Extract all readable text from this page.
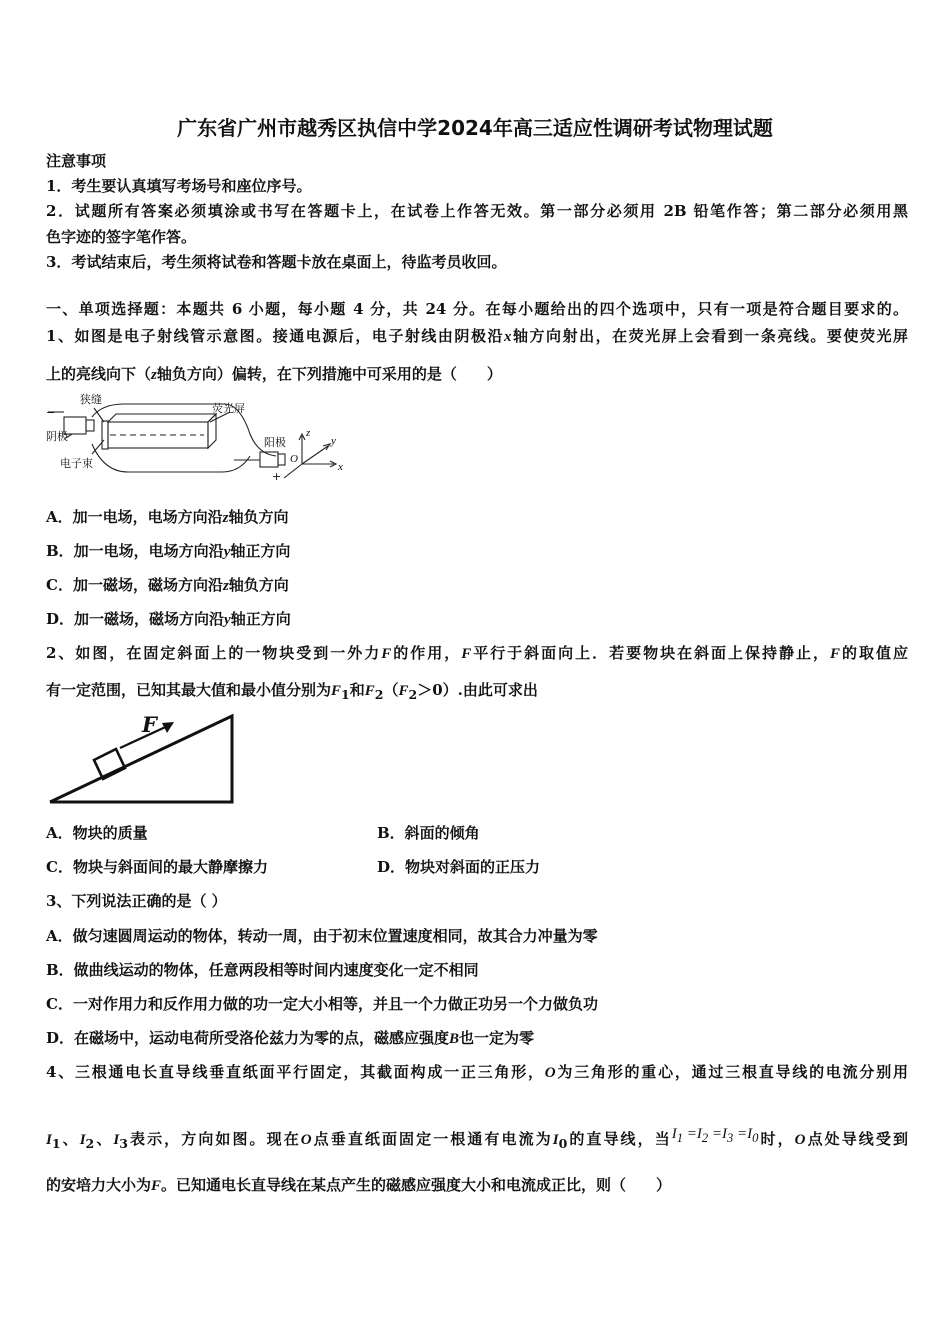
广东省广州市越秀区执信中学2024年高三适应性调研考试物理试题
注意事项
1．考生要认真填写考场号和座位序号。
2．试题所有答案必须填涂或书写在答题卡上，在试卷上作答无效。第一部分必须用 2B 铅笔作答；第二部分必须用黑
色字迹的签字笔作答。
3．考试结束后，考生须将试卷和答题卡放在桌面上，待监考员收回。
一、单项选择题：本题共 6 小题，每小题 4 分，共 24 分。在每小题给出的四个选项中，只有一项是符合题目要求的。
1、如图是电子射线管示意图。接通电源后，电子射线由阴极沿x轴方向射出，在荧光屏上会看到一条亮线。要使荧光屏
上的亮线向下（z轴负方向）偏转，在下列措施中可采用的是（　　）
狭缝
荧光屏
阴极
电子束
阳极
−
+
z
y
x
O
A．加一电场，电场方向沿z轴负方向
B．加一电场，电场方向沿y轴正方向
C．加一磁场，磁场方向沿z轴负方向
D．加一磁场，磁场方向沿y轴正方向
2、如图，在固定斜面上的一物块受到一外力F的作用，F平行于斜面向上．若要物块在斜面上保持静止，F的取值应
有一定范围，已知其最大值和最小值分别为$F_1$和$F_2(F_2>0)$.由此可求出
F
A．物块的质量	B．斜面的倾角
C．物块与斜面间的最大静摩擦力	D．物块对斜面的正压力
3、下列说法正确的是（ ）
A．做匀速圆周运动的物体，转动一周，由于初末位置速度相同，故其合力冲量为零
B．做曲线运动的物体，任意两段相等时间内速度变化一定不相同
C．一对作用力和反作用力做的功一定大小相等，并且一个力做正功另一个力做负功
D．在磁场中，运动电荷所受洛伦兹力为零的点，磁感应强度B也一定为零
4、三根通电长直导线垂直纸面平行固定，其截面构成一正三角形，O为三角形的重心，通过三根直导线的电流分别用
$I_1$、$I_2$、$I_3$表示，方向如图。现在O点垂直纸面固定一根通有电流为$I_0$的直导线，当$I_1 =I_2 =I_3 =I_0$时，O点处导线受到
的安培力大小为F。已知通电长直导线在某点产生的磁感应强度大小和电流成正比，则（　　）
